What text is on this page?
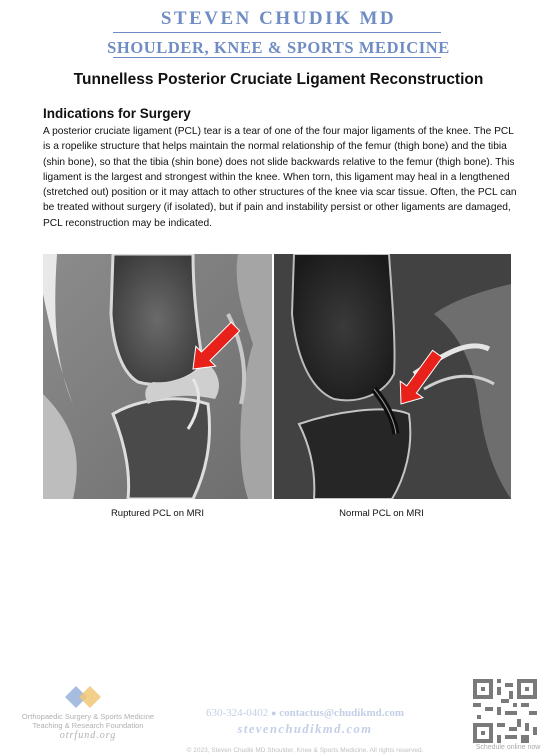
STEVEN CHUDIK MD
SHOULDER, KNEE & SPORTS MEDICINE
Tunnelless Posterior Cruciate Ligament Reconstruction
Indications for Surgery
A posterior cruciate ligament (PCL) tear is a tear of one of the four major ligaments of the knee. The PCL is a ropelike structure that helps maintain the normal relationship of the femur (thigh bone) and the tibia (shin bone), so that the tibia (shin bone) does not slide backwards relative to the femur (thigh bone). This ligament is the largest and strongest within the knee. When torn, this ligament may heal in a lengthened (stretched out) position or it may attach to other structures of the knee via scar tissue. Often, the PCL can be treated without surgery (if isolated), but if pain and instability persist or other ligaments are damaged, PCL reconstruction may be indicated.
Ruptured PCL on MRI	Normal PCL on MRI
Orthopaedic Surgery & Sports Medicine Teaching & Research Foundation
otrfund.org
630-324-0402 ● contactus@chudikmd.com
stevenchudikmd.com
© 2023, Steven Chudik MD Shoulder, Knee & Sports Medicine. All rights reserved.	Schedule online now
